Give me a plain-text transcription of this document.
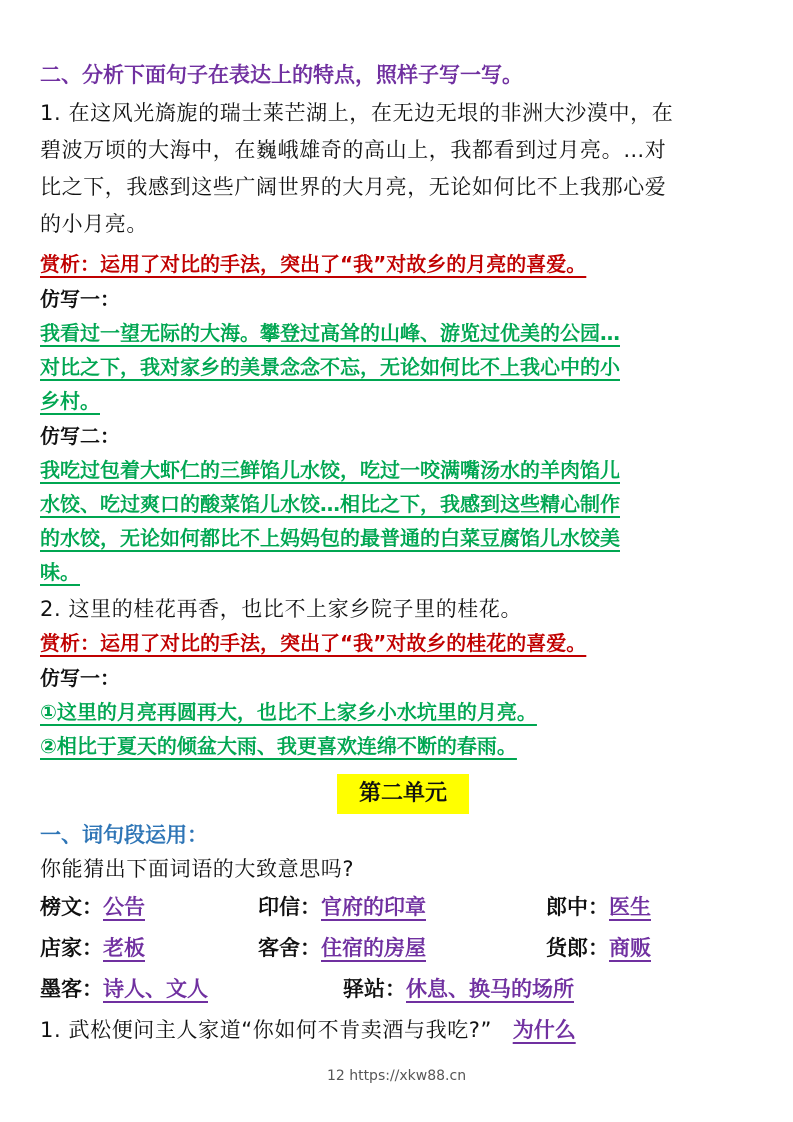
二、分析下面句子在表达上的特点，照样子写一写。
1. 在这风光旖旎的瑞士莱芒湖上，在无边无垠的非洲大沙漠中，在
碧波万顷的大海中，在巍峨雄奇的高山上，我都看到过月亮。…对
比之下，我感到这些广阔世界的大月亮，无论如何比不上我那心爱
的小月亮。
赏析：运用了对比的手法，突出了“我”对故乡的月亮的喜爱。
仿写一：
我看过一望无际的大海。攀登过高耸的山峰、游览过优美的公园…
对比之下，我对家乡的美景念念不忘，无论如何比不上我心中的小
乡村。
仿写二：
我吃过包着大虾仁的三鲜馅儿水饺，吃过一咬满嘴汤水的羊肉馅儿
水饺、吃过爽口的酸菜馅儿水饺…相比之下，我感到这些精心制作
的水饺，无论如何都比不上妈妈包的最普通的白菜豆腐馅儿水饺美
味。
2. 这里的桂花再香，也比不上家乡院子里的桂花。
赏析：运用了对比的手法，突出了“我”对故乡的桂花的喜爱。
仿写一：
①这里的月亮再圆再大，也比不上家乡小水坑里的月亮。
②相比于夏天的倾盆大雨、我更喜欢连绵不断的春雨。
第二单元
一、词句段运用：
你能猜出下面词语的大致意思吗?
榜文：公告	印信：官府的印章	郎中：医生
店家：老板	客舍：住宿的房屋	货郎：商贩
墨客：诗人、文人	驿站：休息、换马的场所
1. 武松便问主人家道“你如何不肯卖酒与我吃?” 为什么
12 https://xkw88.cn
